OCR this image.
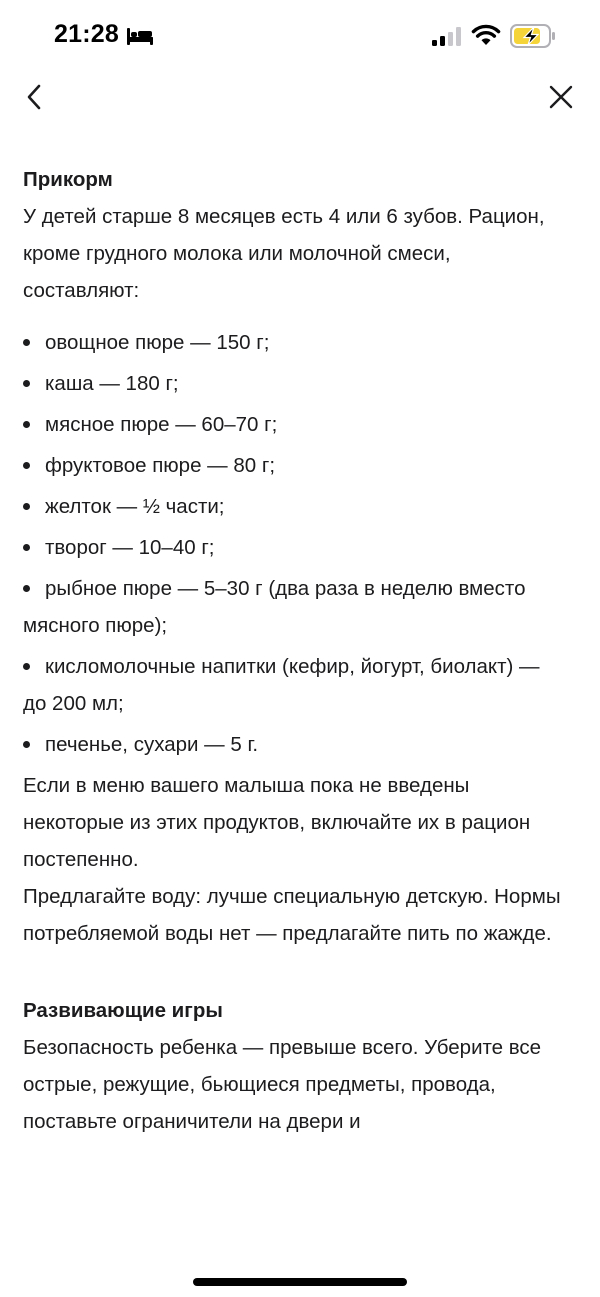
21:28

Прикорм

У детей старше 8 месяцев есть 4 или 6 зубов. Рацион, кроме грудного молока или молочной смеси, составляют:

овощное пюре — 150 г;
каша — 180 г;
мясное пюре — 60–70 г;
фруктовое пюре — 80 г;
желток — ½ части;
творог — 10–40 г;
рыбное пюре — 5–30 г (два раза в неделю вместо мясного пюре);
кисломолочные напитки (кефир, йогурт, биолакт) — до 200 мл;
печенье, сухари — 5 г.

Если в меню вашего малыша пока не введены некоторые из этих продуктов, включайте их в рацион постепенно.

Предлагайте воду: лучше специальную детскую. Нормы потребляемой воды нет — предлагайте пить по жажде.

Развивающие игры

Безопасность ребенка — превыше всего. Уберите все острые, режущие, бьющиеся предметы, провода, поставьте ограничители на двери и
